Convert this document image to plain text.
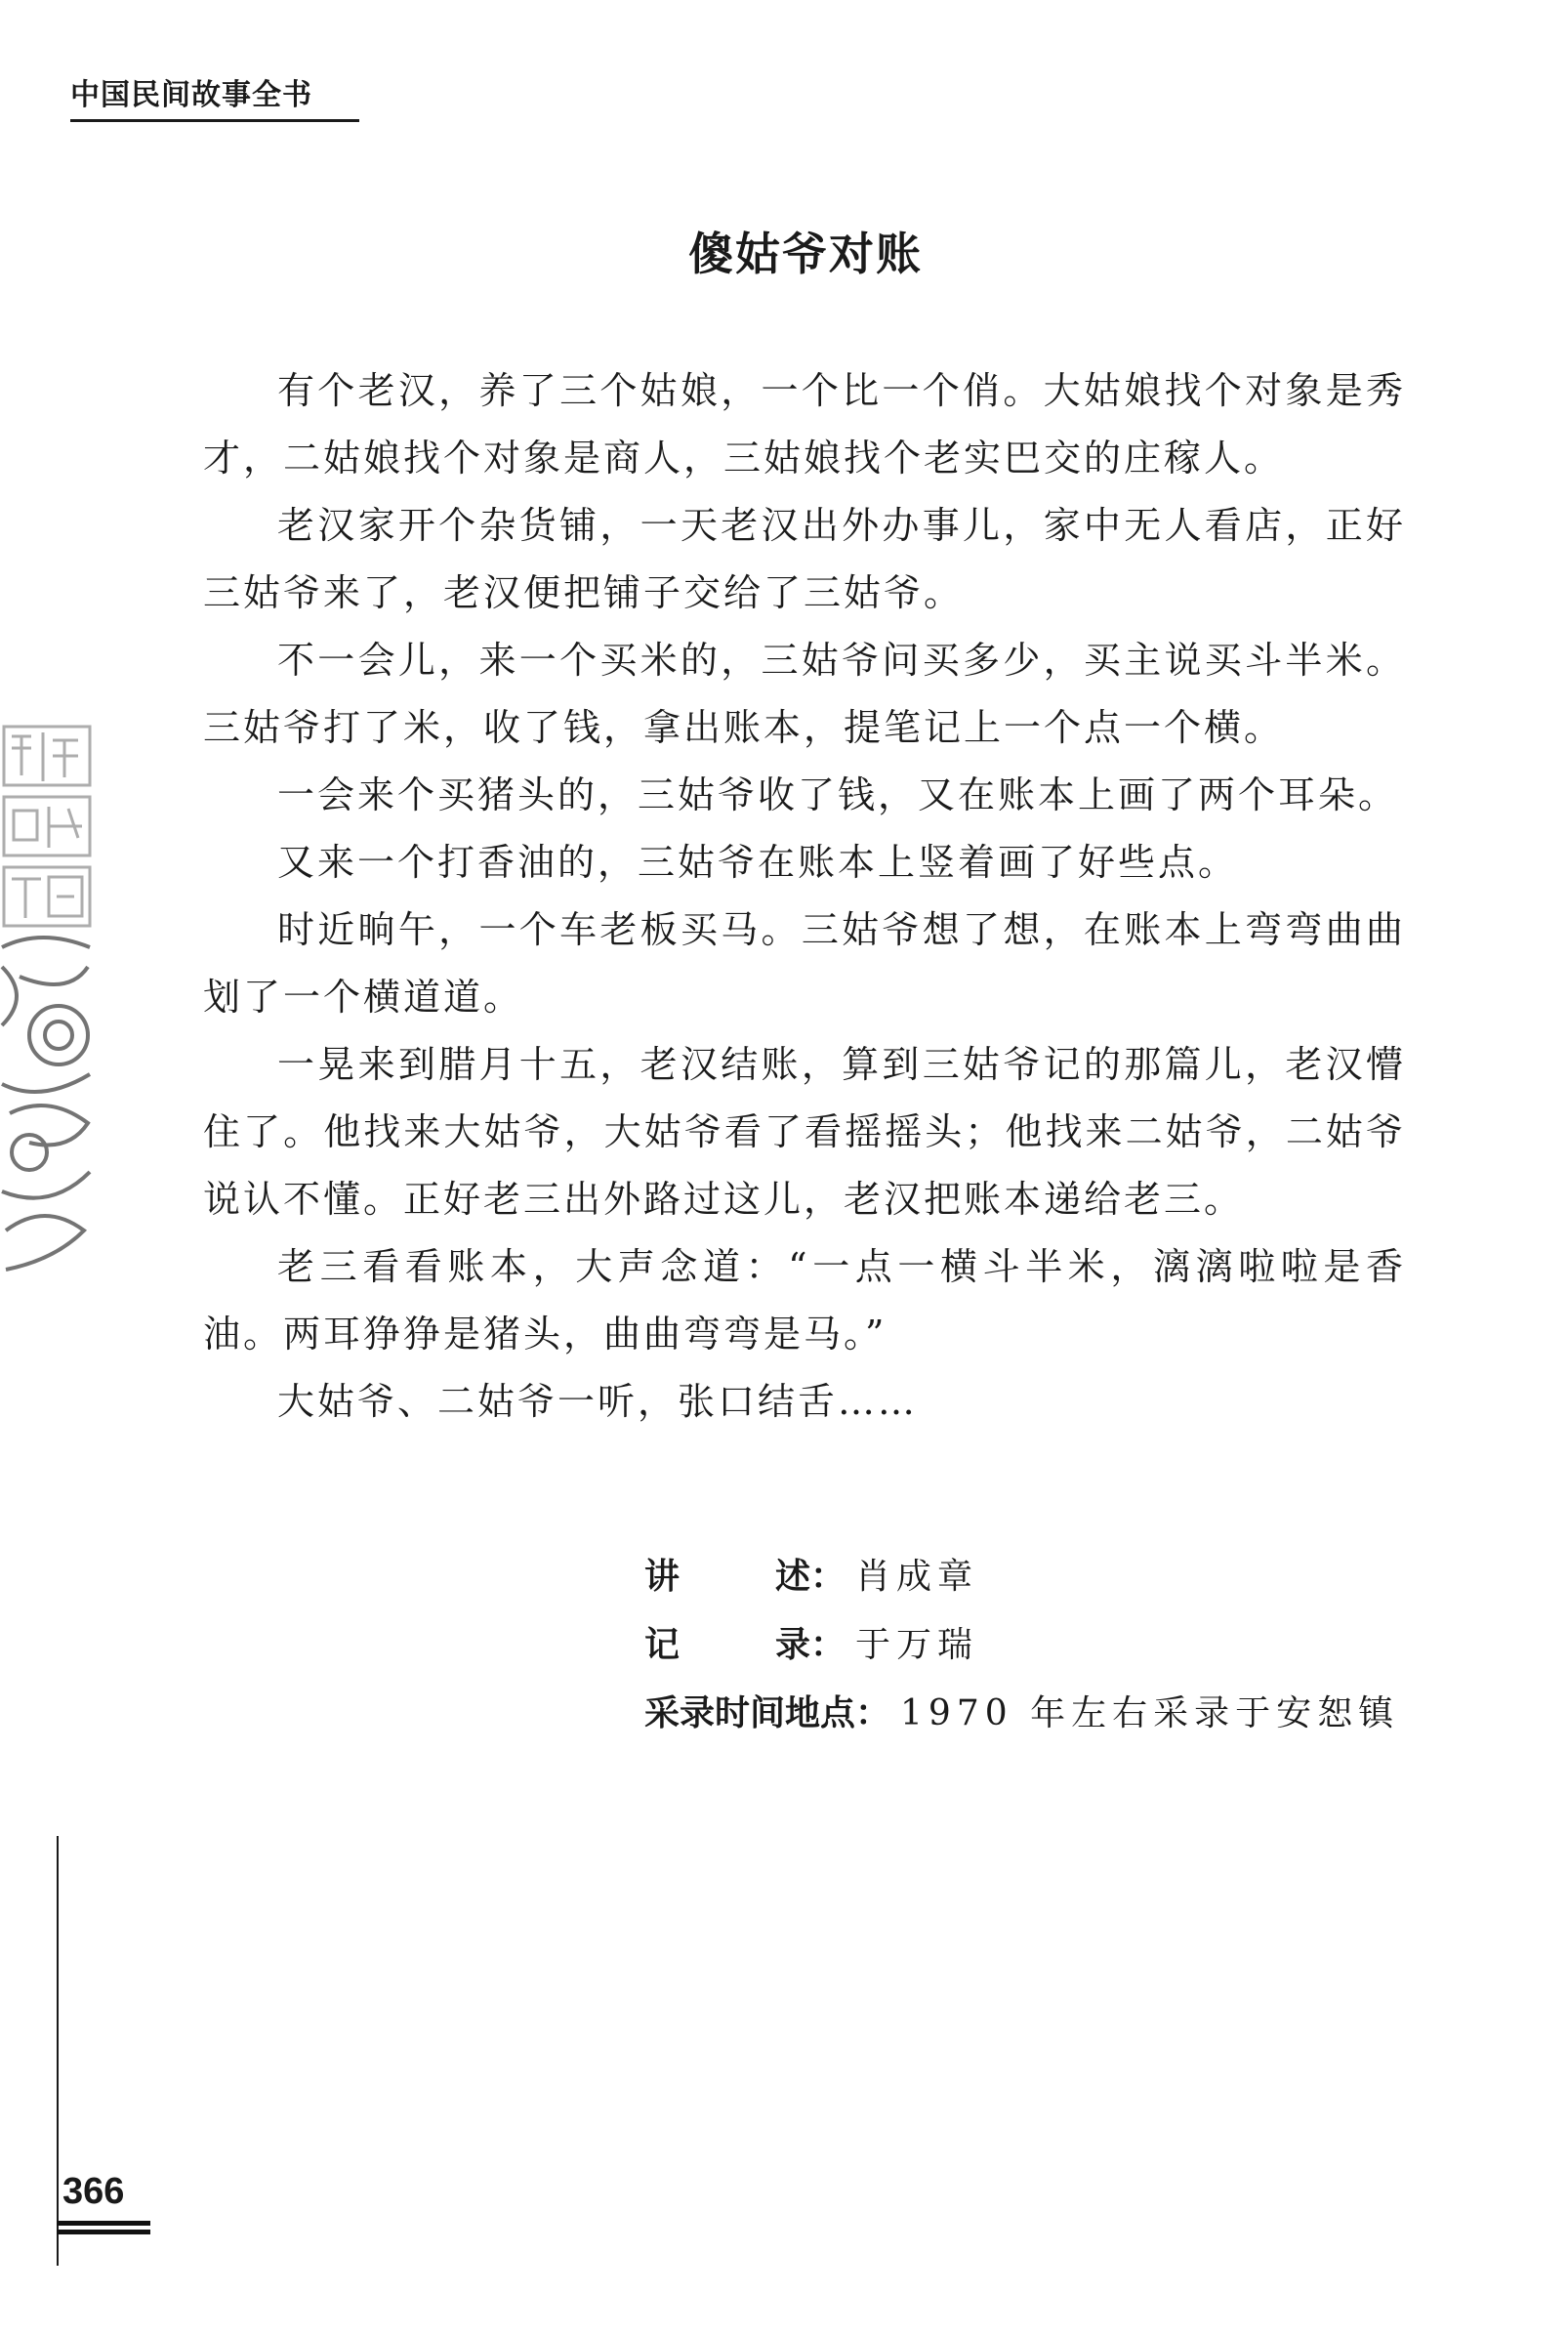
中国民间故事全书
傻姑爷对账

有个老汉，养了三个姑娘，一个比一个俏。大姑娘找个对象是秀才，二姑娘找个对象是商人，三姑娘找个老实巴交的庄稼人。

老汉家开个杂货铺，一天老汉出外办事儿，家中无人看店，正好三姑爷来了，老汉便把铺子交给了三姑爷。

不一会儿，来一个买米的，三姑爷问买多少，买主说买斗半米。三姑爷打了米，收了钱，拿出账本，提笔记上一个点一个横。

一会来个买猪头的，三姑爷收了钱，又在账本上画了两个耳朵。

又来一个打香油的，三姑爷在账本上竖着画了好些点。

时近晌午，一个车老板买马。三姑爷想了想，在账本上弯弯曲曲划了一个横道道。

一晃来到腊月十五，老汉结账，算到三姑爷记的那篇儿，老汉懵住了。他找来大姑爷，大姑爷看了看摇摇头；他找来二姑爷，二姑爷说认不懂。正好老三出外路过这儿，老汉把账本递给老三。

老三看看账本，大声念道：“一点一横斗半米，漓漓啦啦是香油。两耳狰狰是猪头，曲曲弯弯是马。”

大姑爷、二姑爷一听，张口结舌……

讲	述 ： 肖成章
记	录 ： 于万瑞
采录时间地点 ： 1970 年左右采录于安恕镇
366
